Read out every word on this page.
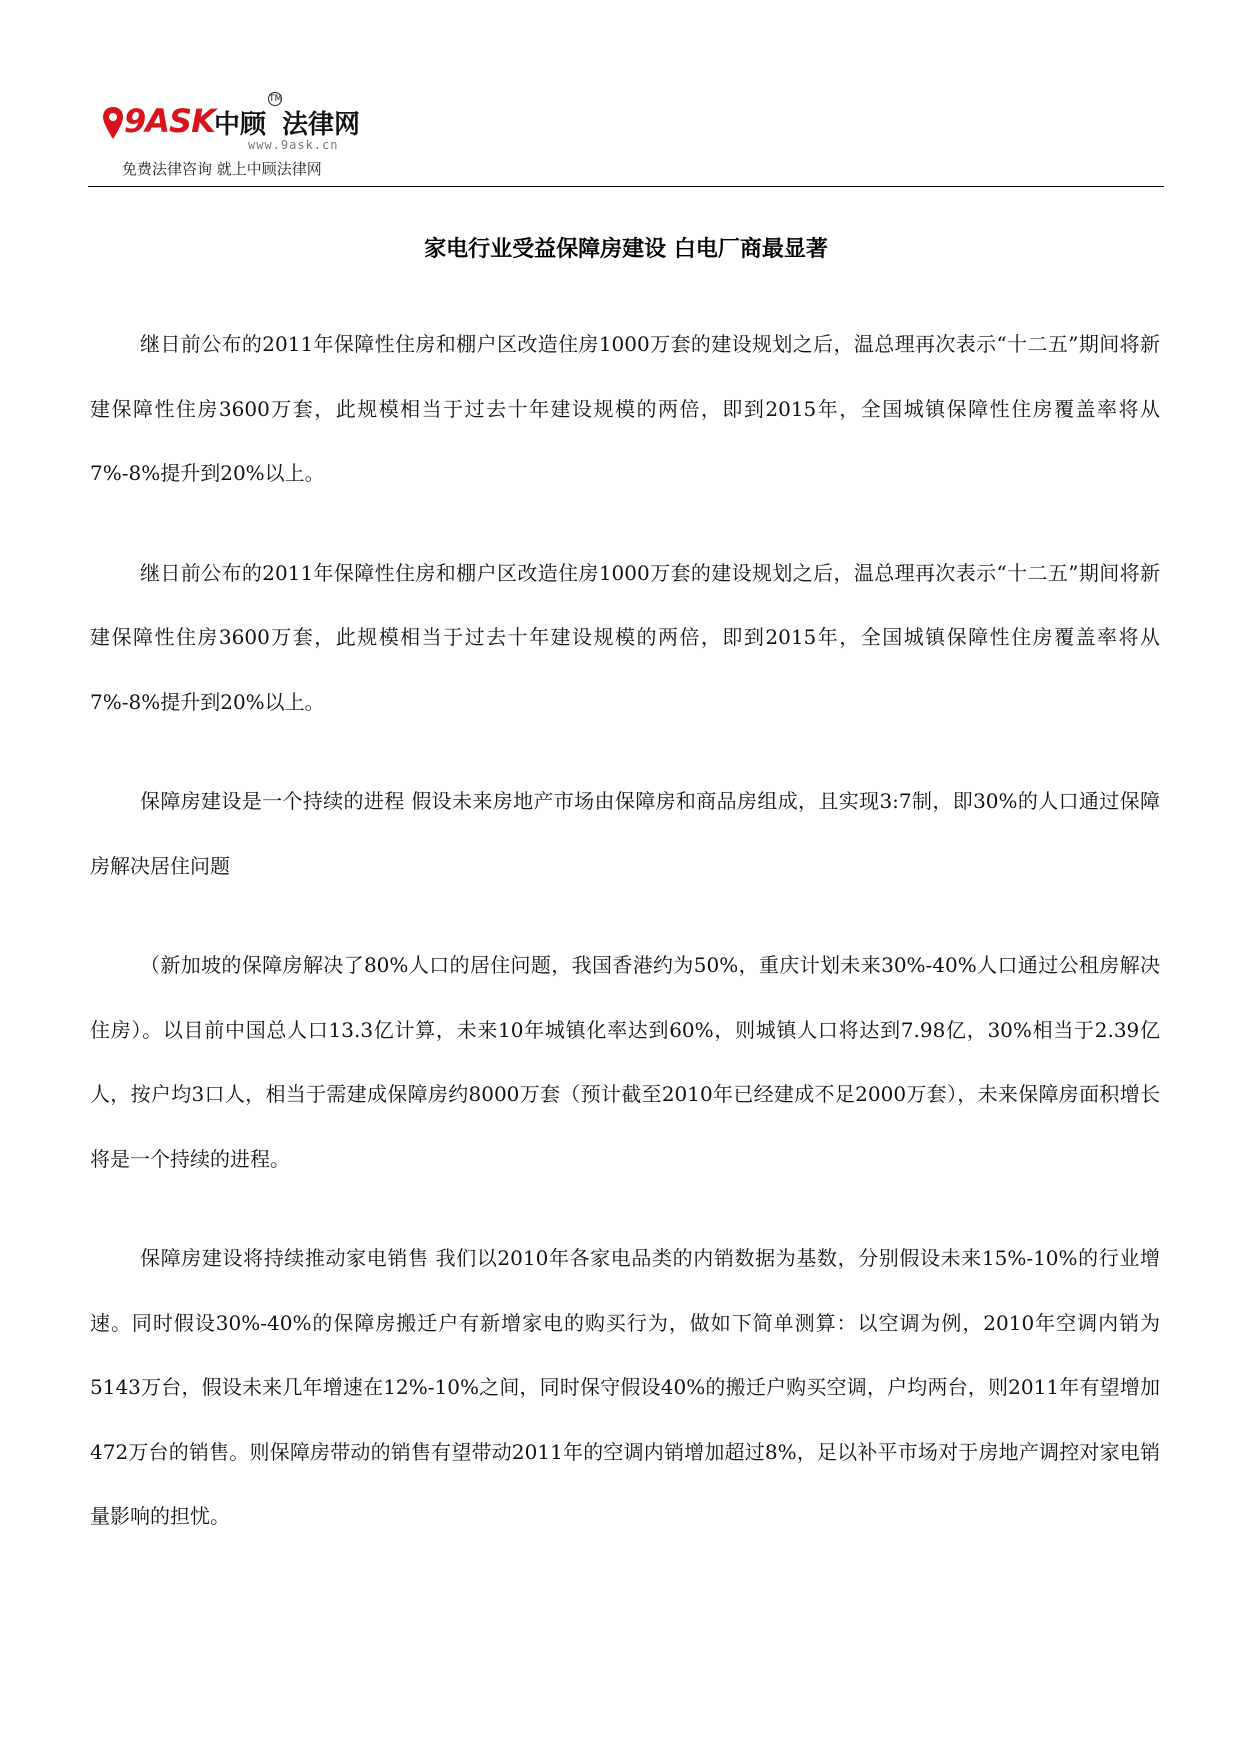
9ASK 中顾
TM
法律网
www.9ask.cn
免费法律咨询 就上中顾法律网
家电行业受益保障房建设 白电厂商最显著

继日前公布的2011年保障性住房和棚户区改造住房1000万套的建设规划之后，温总理再次表示“十二五”期间将新建保障性住房3600万套，此规模相当于过去十年建设规模的两倍，即到2015年，全国城镇保障性住房覆盖率将从7%-8%提升到20%以上。

继日前公布的2011年保障性住房和棚户区改造住房1000万套的建设规划之后，温总理再次表示“十二五”期间将新建保障性住房3600万套，此规模相当于过去十年建设规模的两倍，即到2015年，全国城镇保障性住房覆盖率将从7%-8%提升到20%以上。

保障房建设是一个持续的进程 假设未来房地产市场由保障房和商品房组成，且实现3:7制，即30%的人口通过保障房解决居住问题

（新加坡的保障房解决了80%人口的居住问题，我国香港约为50%，重庆计划未来30%-40%人口通过公租房解决住房）。以目前中国总人口13.3亿计算，未来10年城镇化率达到60%，则城镇人口将达到7.98亿，30%相当于2.39亿人，按户均3口人，相当于需建成保障房约8000万套（预计截至2010年已经建成不足2000万套），未来保障房面积增长将是一个持续的进程。

保障房建设将持续推动家电销售 我们以2010年各家电品类的内销数据为基数，分别假设未来15%-10%的行业增速。同时假设30%-40%的保障房搬迁户有新增家电的购买行为，做如下简单测算：以空调为例，2010年空调内销为5143万台，假设未来几年增速在12%-10%之间，同时保守假设40%的搬迁户购买空调，户均两台，则2011年有望增加472万台的销售。则保障房带动的销售有望带动2011年的空调内销增加超过8%，足以补平市场对于房地产调控对家电销量影响的担忧。
